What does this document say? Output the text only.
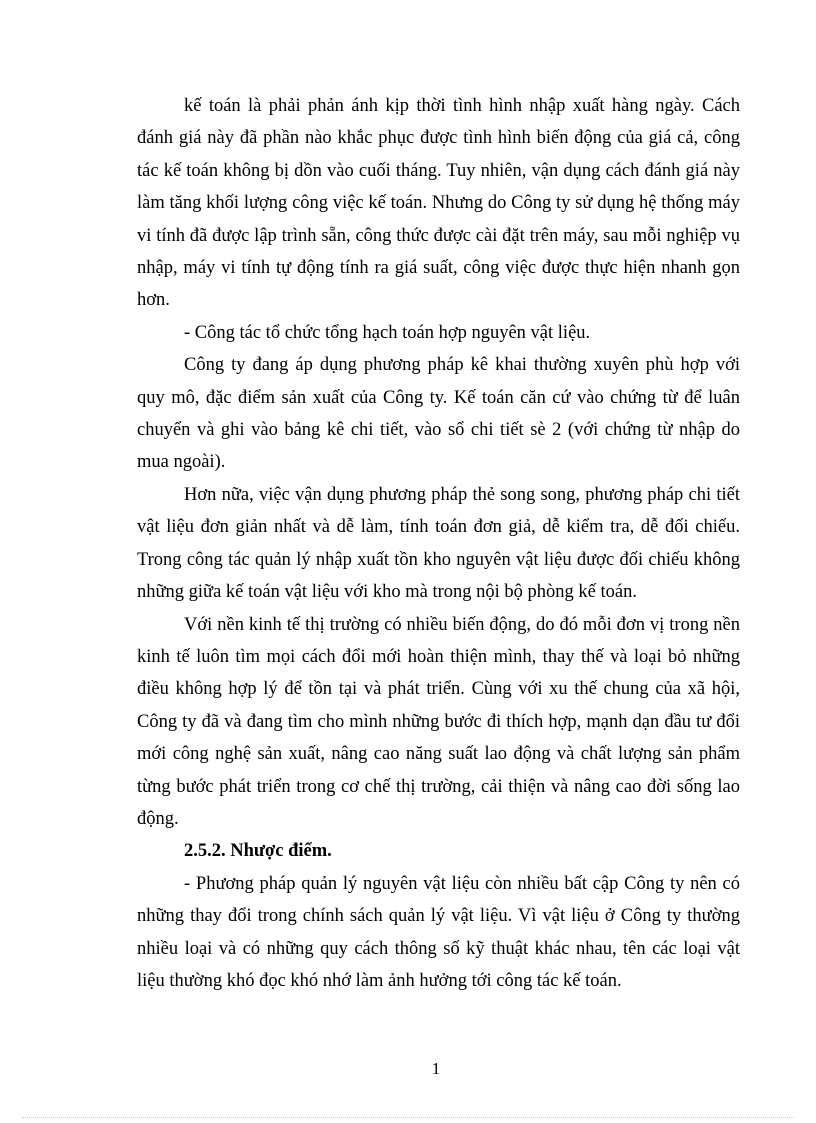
kế toán là phải phản ánh kịp thời tình hình nhập xuất hàng ngày. Cách đánh giá này đã phần nào khắc phục được tình hình biến động của giá cả, công tác kế toán không bị dồn vào cuối tháng. Tuy nhiên, vận dụng cách đánh giá này làm tăng khối lượng công việc kế toán. Nhưng do Công ty sử dụng hệ thống máy vi tính đã được lập trình sẵn, công thức được cài đặt trên máy, sau mỗi nghiệp vụ nhập, máy vi tính tự động tính ra giá suất, công việc được thực hiện nhanh gọn hơn.

- Công tác tổ chức tổng hạch toán hợp nguyên vật liệu.

Công ty đang áp dụng phương pháp kê khai thường xuyên phù hợp với quy mô, đặc điểm sản xuất của Công ty. Kế toán căn cứ vào chứng từ để luân chuyển và ghi vào bảng kê chi tiết, vào sổ chi tiết sè 2 (với chứng từ nhập do mua ngoài).

Hơn nữa, việc vận dụng phương pháp thẻ song song, phương pháp chi tiết vật liệu đơn giản nhất và dễ làm, tính toán đơn giả, dễ kiểm tra, dễ đối chiếu. Trong công tác quản lý nhập xuất tồn kho nguyên vật liệu được đối chiếu không những giữa kế toán vật liệu với kho mà trong nội bộ phòng kế toán.

Với nền kinh tế thị trường có nhiều biến động, do đó mỗi đơn vị trong nền kinh tế luôn tìm mọi cách đổi mới hoàn thiện mình, thay thế và loại bỏ những điều không hợp lý để tồn tại và phát triển. Cùng với xu thế chung của xã hội, Công ty đã và đang tìm cho mình những bước đi thích hợp, mạnh dạn đầu tư đổi mới công nghệ sản xuất, nâng cao năng suất lao động và chất lượng sản phẩm từng bước phát triển trong cơ chế thị trường, cải thiện và nâng cao đời sống lao động.

2.5.2. Nhược điểm.

- Phương pháp quản lý nguyên vật liệu còn nhiều bất cập Công ty nên có những thay đổi trong chính sách quản lý vật liệu. Vì vật liệu ở Công ty thường nhiều loại và có những quy cách thông số kỹ thuật khác nhau, tên các loại vật liệu thường khó đọc khó nhớ làm ảnh hưởng tới công tác kế toán.

1
